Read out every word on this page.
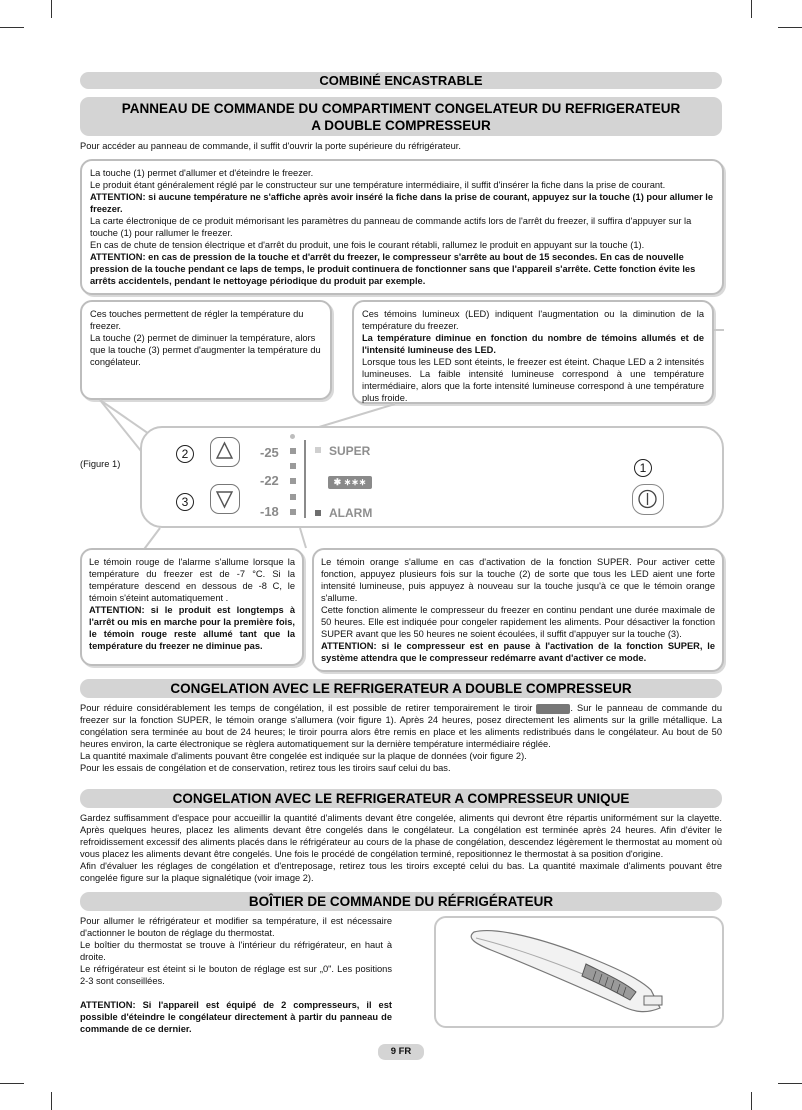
COMBINÉ ENCASTRABLE
PANNEAU DE COMMANDE DU COMPARTIMENT CONGELATEUR DU REFRIGERATEUR
A DOUBLE COMPRESSEUR
Pour accéder au panneau de commande, il suffit d'ouvrir la porte supérieure du réfrigérateur.

La touche (1) permet d'allumer et d'éteindre le freezer.

Le produit étant généralement réglé par le constructeur sur une température intermédiaire, il suffit d'insérer la fiche dans la prise de courant.

ATTENTION: si aucune température ne s'affiche après avoir inséré la fiche dans la prise de courant, appuyez sur la touche (1) pour allumer le freezer.

La carte électronique de ce produit mémorisant les paramètres du panneau de commande actifs lors de l'arrêt du freezer, il suffira d'appuyer sur la touche (1) pour rallumer le freezer.

En cas de chute de tension électrique et d'arrêt du produit, une fois le courant rétabli, rallumez le produit en appuyant sur la touche (1).

ATTENTION: en cas de pression de la touche et d'arrêt du freezer, le compresseur s'arrête au bout de 15 secondes. En cas de nouvelle pression de la touche pendant ce laps de temps, le produit continuera de fonctionner sans que l'appareil s'arrête. Cette fonction évite les arrêts accidentels, pendant le nettoyage périodique du produit par exemple.

Ces touches permettent de régler la température du freezer.

La touche (2) permet de diminuer la température, alors que la touche (3) permet d'augmenter la température du congélateur.

Ces témoins lumineux (LED) indiquent l'augmentation ou la diminution de la température du freezer.

La température diminue en fonction du nombre de témoins allumés et de l'intensité lumineuse des LED.

Lorsque tous les LED sont éteints, le freezer est éteint. Chaque LED a 2 intensités lumineuses. La faible intensité lumineuse correspond à une température intermédiaire, alors que la forte intensité lumineuse correspond à une température plus froide.

(Figure 1)
2
3
-25
-22
-18
SUPER
✱ ∗∗∗
ALARM
1

Le témoin rouge de l'alarme s'allume lorsque la température du freezer est de -7 °C. Si la température descend en dessous de -8 C, le témoin s'éteint automatiquement .

ATTENTION: si le produit est longtemps à l'arrêt ou mis en marche pour la première fois, le témoin rouge reste allumé tant que la température du freezer ne diminue pas.

Le témoin orange s'allume en cas d'activation de la fonction SUPER. Pour activer cette fonction, appuyez plusieurs fois sur la touche (2) de sorte que tous les LED aient une forte intensité lumineuse, puis appuyez à nouveau sur la touche jusqu'à ce que le témoin orange s'allume.

Cette fonction alimente le compresseur du freezer en continu pendant une durée maximale de 50 heures. Elle est indiquée pour congeler rapidement les aliments. Pour désactiver la fonction SUPER avant que les 50 heures ne soient écoulées, il suffit d'appuyer sur la touche (3).

ATTENTION: si le compresseur est en pause à l'activation de la fonction SUPER, le système attendra que le compresseur redémarre avant d'activer ce mode.

CONGELATION AVEC LE REFRIGERATEUR A DOUBLE COMPRESSEUR

Pour réduire considérablement les temps de congélation, il est possible de retirer temporairement le tiroir	. Sur le panneau de commande du freezer sur la fonction SUPER, le témoin orange s'allumera (voir figure 1). Après 24 heures, posez directement les aliments sur la grille métallique. La congélation sera terminée au bout de 24 heures; le tiroir pourra alors être remis en place et les aliments redistribués dans le congélateur. Au bout de 50 heures environ, la carte électronique se règlera automatiquement sur la dernière température intermédiaire réglée.

La quantité maximale d'aliments pouvant être congelée est indiquée sur la plaque de données (voir figure 2).

Pour les essais de congélation et de conservation, retirez tous les tiroirs sauf celui du bas.

CONGELATION AVEC LE REFRIGERATEUR A COMPRESSEUR UNIQUE

Gardez suffisamment d'espace pour accueillir la quantité d'aliments devant être congelée, aliments qui devront être répartis uniformément sur la clayette. Après quelques heures, placez les aliments devant être congelés dans le congélateur. La congélation est terminée après 24 heures. Afin d'éviter le refroidissement excessif des aliments placés dans le réfrigérateur au cours de la phase de congélation, descendez légèrement le thermostat au moment où vous placez les aliments devant être congelés. Une fois le procédé de congélation terminé, repositionnez le thermostat à sa position d'origine.

Afin d'évaluer les réglages de congélation et d'entreposage, retirez tous les tiroirs excepté celui du bas. La quantité maximale d'aliments pouvant être congelée figure sur la plaque signalétique (voir image 2).

BOÎTIER DE COMMANDE DU RÉFRIGÉRATEUR

Pour allumer le réfrigérateur et modifier sa température, il est nécessaire d'actionner le bouton de réglage du thermostat.

Le boîtier du thermostat se trouve à l'intérieur du réfrigérateur, en haut à droite.

Le réfrigérateur est éteint si le bouton de réglage est sur „0". Les positions 2-3 sont conseillées.

ATTENTION: Si l'appareil est équipé de 2 compresseurs, il est possible d'éteindre le congélateur directement à partir du panneau de commande de ce dernier.

9 FR
